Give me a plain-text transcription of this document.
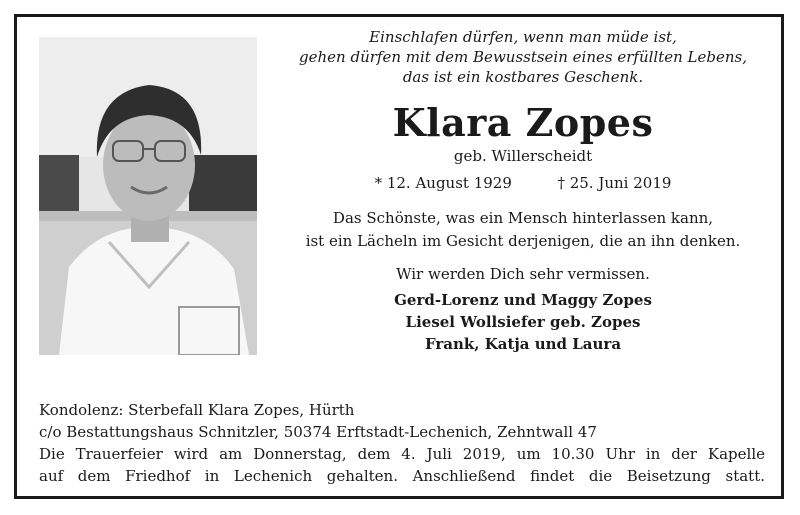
Einschlafen dürfen, wenn man müde ist,
gehen dürfen mit dem Bewusstsein eines erfüllten Lebens,
das ist ein kostbares Geschenk.
Klara Zopes
geb. Willerscheidt
* 12. August 1929	† 25. Juni 2019
Das Schönste, was ein Mensch hinterlassen kann,
ist ein Lächeln im Gesicht derjenigen, die an ihn denken.
Wir werden Dich sehr vermissen.
Gerd-Lorenz und Maggy Zopes
Liesel Wollsiefer geb. Zopes
Frank, Katja und Laura
Kondolenz: Sterbefall Klara Zopes, Hürth
c/o Bestattungshaus Schnitzler, 50374 Erftstadt-Lechenich, Zehntwall 47
Die Trauerfeier wird am Donnerstag, dem 4. Juli 2019, um 10.30 Uhr in der Kapelle
auf dem Friedhof in Lechenich gehalten. Anschließend findet die Beisetzung statt.
